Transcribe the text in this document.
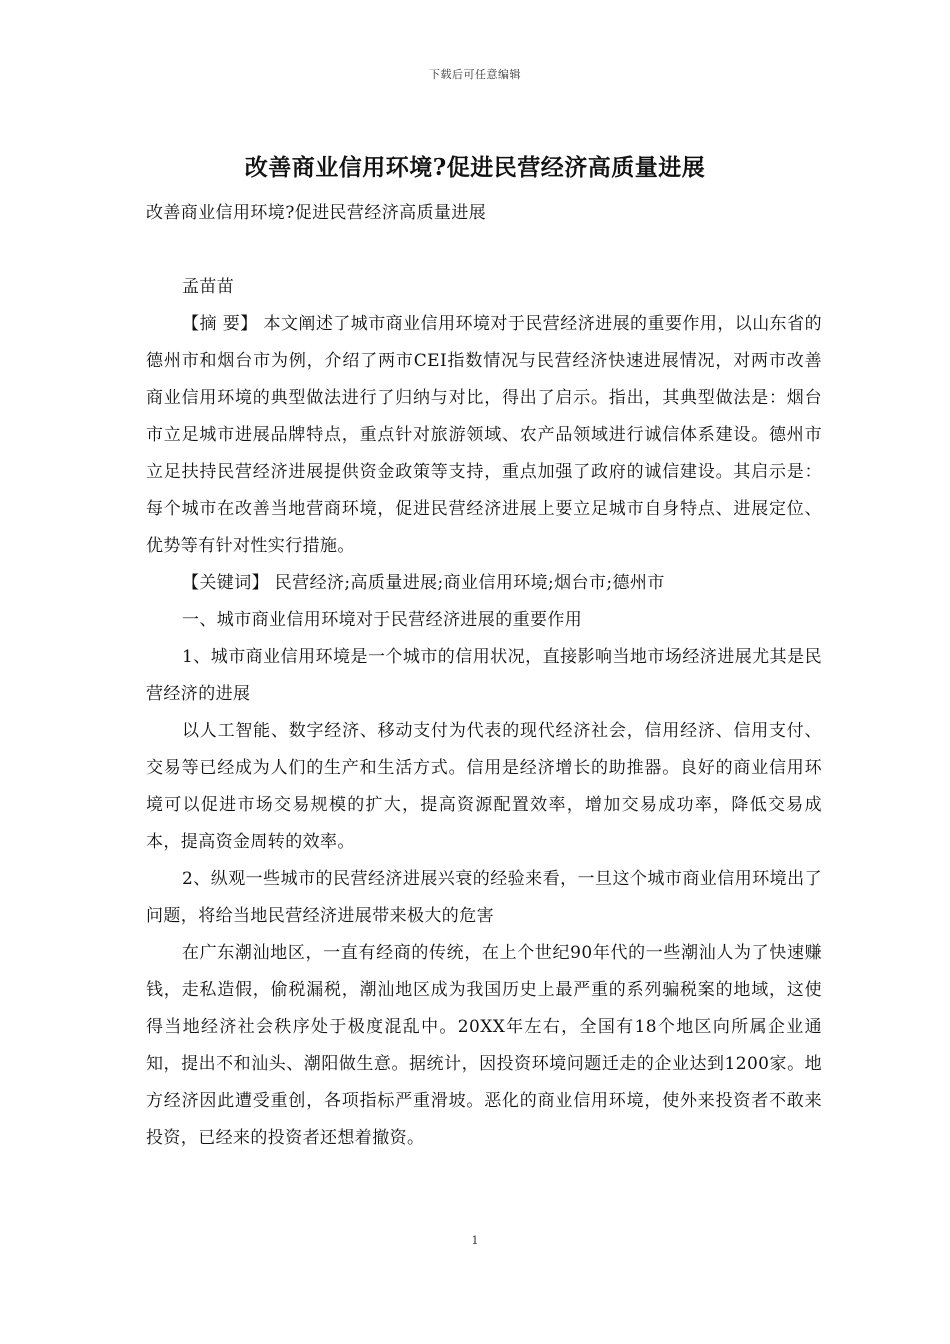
下载后可任意编辑
改善商业信用环境?促进民营经济高质量进展

改善商业信用环境?促进民营经济高质量进展

孟苗苗

【摘 要】 本文阐述了城市商业信用环境对于民营经济进展的重要作用，以山东省的德州市和烟台市为例，介绍了两市CEI指数情况与民营经济快速进展情况，对两市改善商业信用环境的典型做法进行了归纳与对比，得出了启示。指出，其典型做法是：烟台市立足城市进展品牌特点，重点针对旅游领域、农产品领域进行诚信体系建设。德州市立足扶持民营经济进展提供资金政策等支持，重点加强了政府的诚信建设。其启示是：每个城市在改善当地营商环境，促进民营经济进展上要立足城市自身特点、进展定位、优势等有针对性实行措施。

【关键词】 民营经济;高质量进展;商业信用环境;烟台市;德州市

一、城市商业信用环境对于民营经济进展的重要作用

1、城市商业信用环境是一个城市的信用状况，直接影响当地市场经济进展尤其是民营经济的进展

以人工智能、数字经济、移动支付为代表的现代经济社会，信用经济、信用支付、交易等已经成为人们的生产和生活方式。信用是经济增长的助推器。良好的商业信用环境可以促进市场交易规模的扩大，提高资源配置效率，增加交易成功率，降低交易成本，提高资金周转的效率。

2、纵观一些城市的民营经济进展兴衰的经验来看，一旦这个城市商业信用环境出了问题，将给当地民营经济进展带来极大的危害

在广东潮汕地区，一直有经商的传统，在上个世纪90年代的一些潮汕人为了快速赚钱，走私造假，偷税漏税，潮汕地区成为我国历史上最严重的系列骗税案的地域，这使得当地经济社会秩序处于极度混乱中。20XX年左右，全国有18个地区向所属企业通知，提出不和汕头、潮阳做生意。据统计，因投资环境问题迁走的企业达到1200家。地方经济因此遭受重创，各项指标严重滑坡。恶化的商业信用环境，使外来投资者不敢来投资，已经来的投资者还想着撤资。

1
